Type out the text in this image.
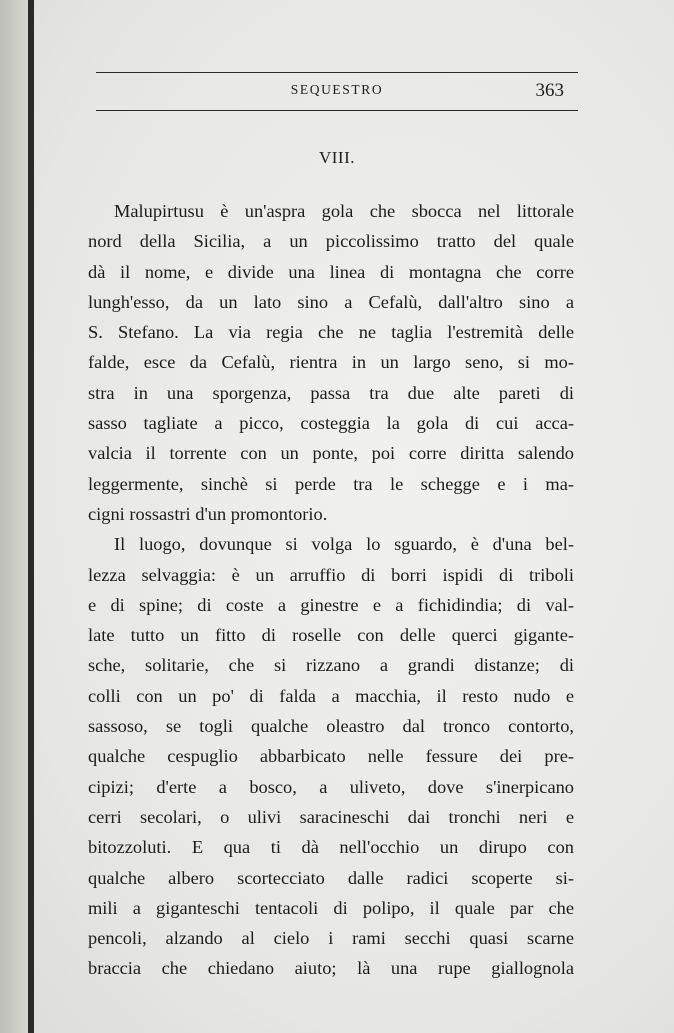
SEQUESTRO	363
VIII.
Malupirtusu è un'aspra gola che sbocca nel littorale
nord della Sicilia, a un piccolissimo tratto del quale
dà il nome, e divide una linea di montagna che corre
lungh'esso, da un lato sino a Cefalù, dall'altro sino a
S. Stefano. La via regia che ne taglia l'estremità delle
falde, esce da Cefalù, rientra in un largo seno, si mo-
stra in una sporgenza, passa tra due alte pareti di
sasso tagliate a picco, costeggia la gola di cui acca-
valcia il torrente con un ponte, poi corre diritta salendo
leggermente, sinchè si perde tra le schegge e i ma-
cigni rossastri d'un promontorio.
Il luogo, dovunque si volga lo sguardo, è d'una bel-
lezza selvaggia: è un arruffio di borri ispidi di triboli
e di spine; di coste a ginestre e a fichidindia; di val-
late tutto un fitto di roselle con delle querci gigante-
sche, solitarie, che si rizzano a grandi distanze; di
colli con un po' di falda a macchia, il resto nudo e
sassoso, se togli qualche oleastro dal tronco contorto,
qualche cespuglio abbarbicato nelle fessure dei pre-
cipizi; d'erte a bosco, a uliveto, dove s'inerpicano
cerri secolari, o ulivi saracineschi dai tronchi neri e
bitozzoluti. E qua ti dà nell'occhio un dirupo con
qualche albero scortecciato dalle radici scoperte si-
mili a giganteschi tentacoli di polipo, il quale par che
pencoli, alzando al cielo i rami secchi quasi scarne
braccia che chiedano aiuto; là una rupe giallognola
